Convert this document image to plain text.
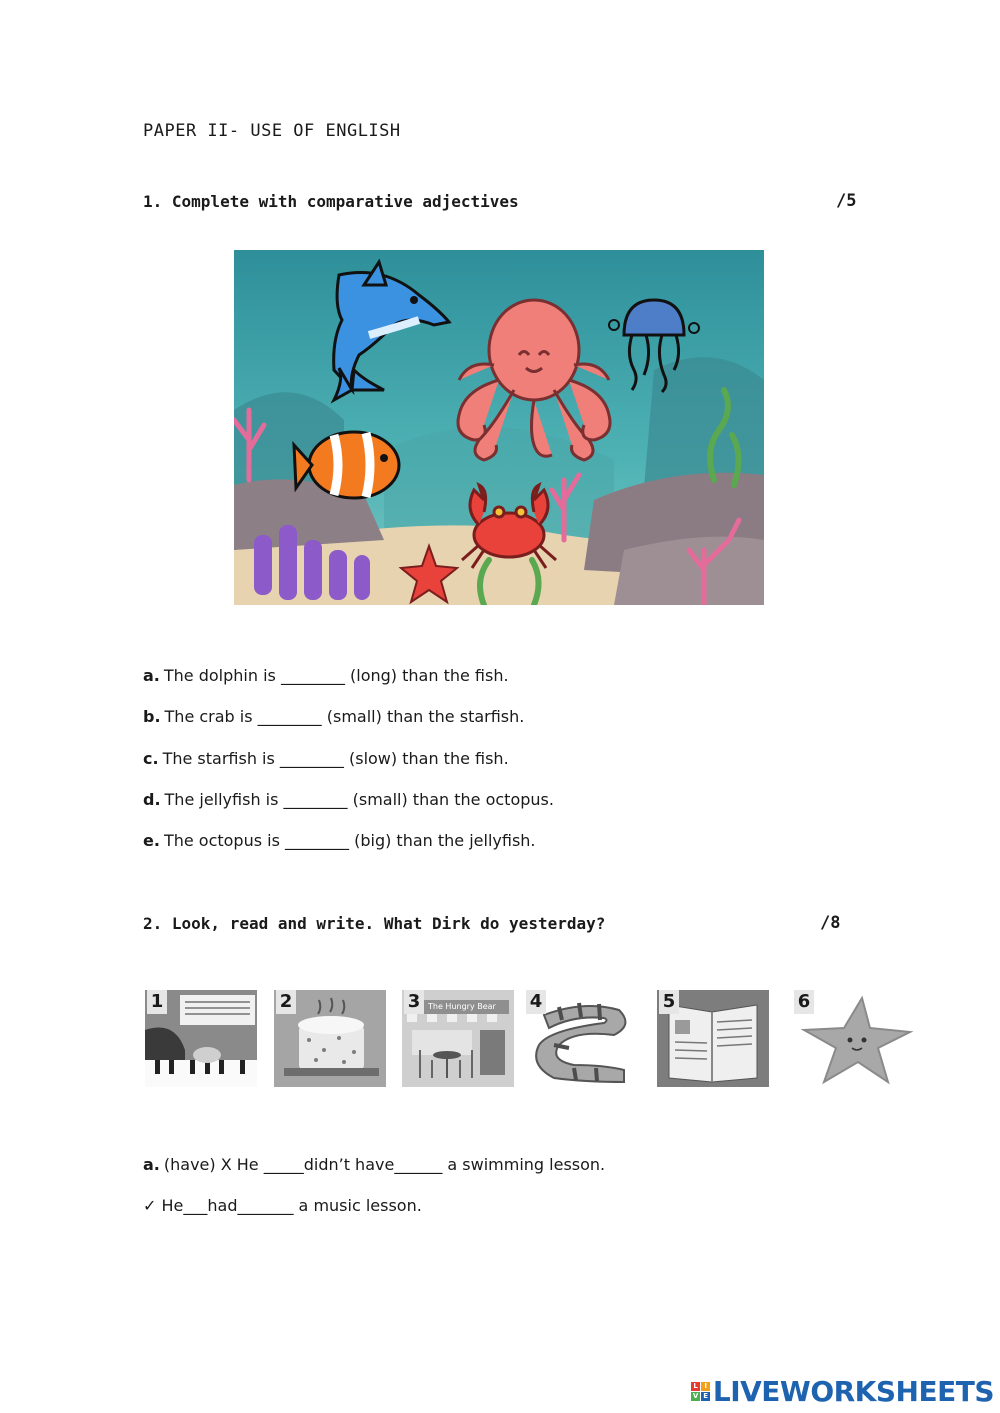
PAPER II- USE OF ENGLISH
1. Complete with comparative adjectives	/5
a. The dolphin is ________ (long) than the fish.
b. The crab is ________ (small) than the starfish.
c. The starfish is ________ (slow) than the fish.
d. The jellyfish is ________ (small) than the octopus.
e. The octopus is ________ (big) than the jellyfish.
2. Look, read and write. What Dirk do yesterday?	/8
1	2	The Hungry Bear
3	4	5	6
a. (have) X He _____didn’t have______ a swimming lesson.
✓ He___had_______ a music lesson.
L I
V E LIVEWORKSHEETS
